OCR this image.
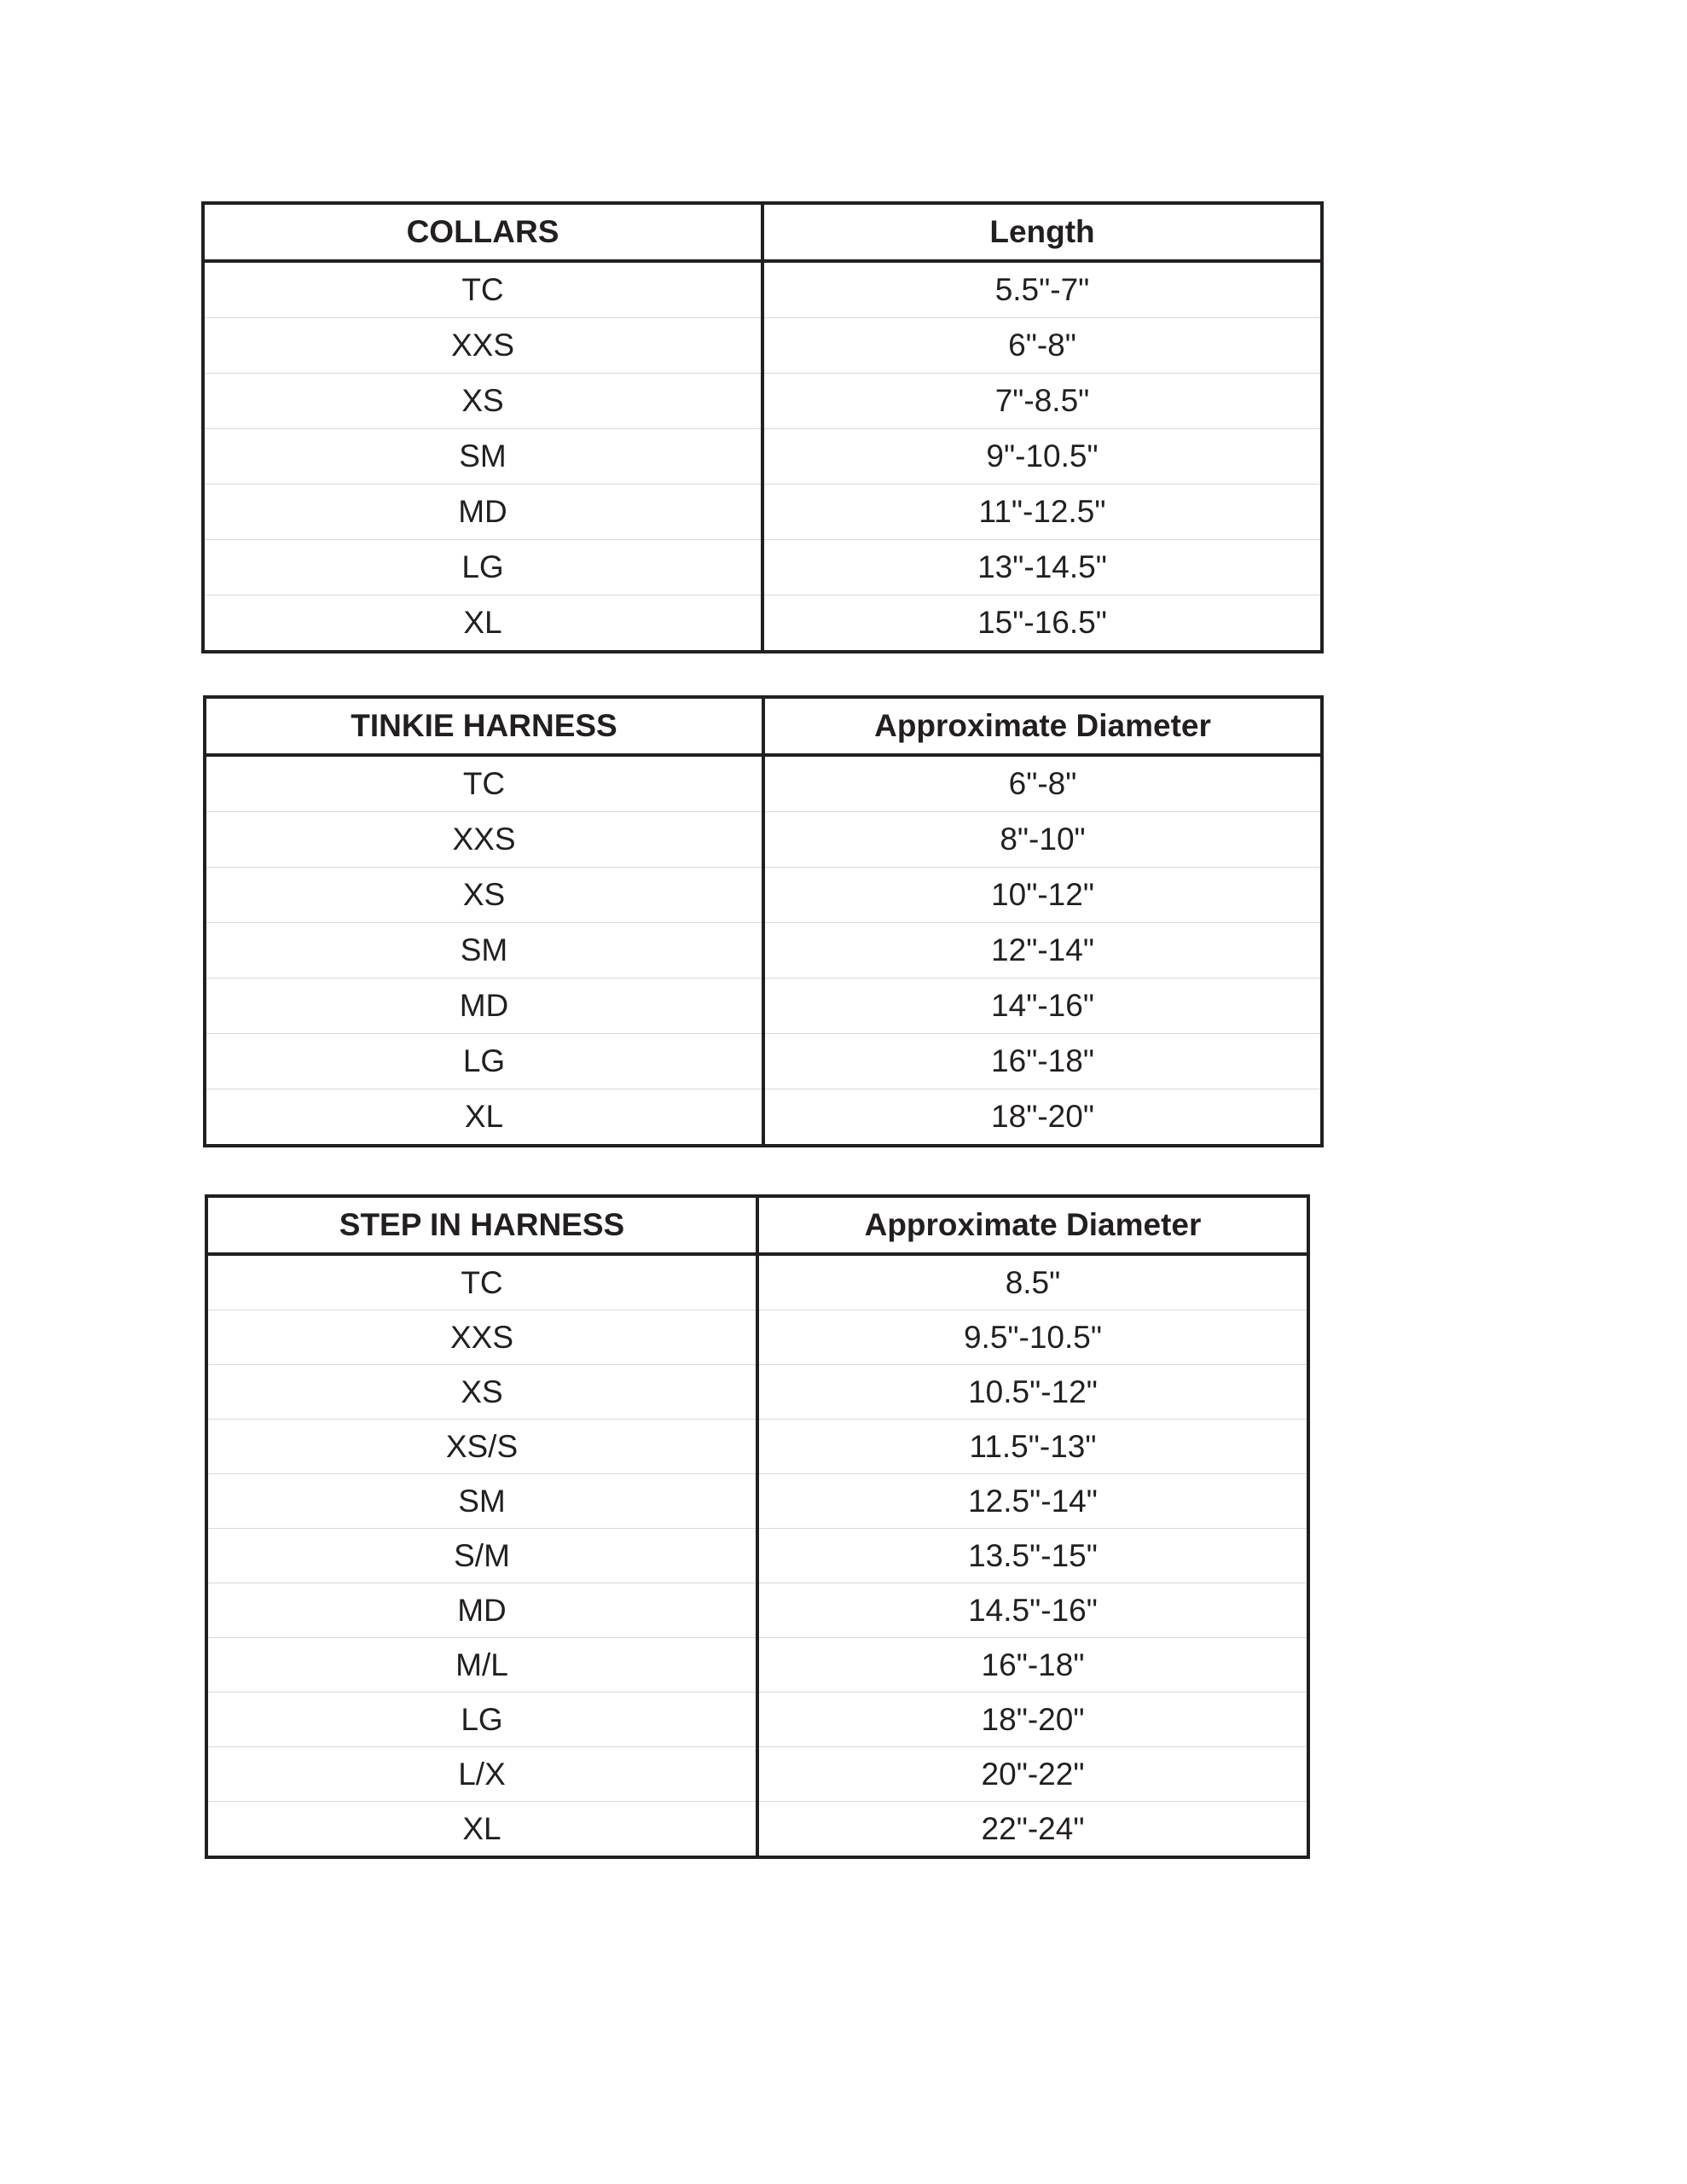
COLLARS	Length
TC	5.5"-7"
XXS	6"-8"
XS	7"-8.5"
SM	9"-10.5"
MD	11"-12.5"
LG	13"-14.5"
XL	15"-16.5"
TINKIE HARNESS	Approximate Diameter
TC	6"-8"
XXS	8"-10"
XS	10"-12"
SM	12"-14"
MD	14"-16"
LG	16"-18"
XL	18"-20"
STEP IN HARNESS	Approximate Diameter
TC	8.5"
XXS	9.5"-10.5"
XS	10.5"-12"
XS/S	11.5"-13"
SM	12.5"-14"
S/M	13.5"-15"
MD	14.5"-16"
M/L	16"-18"
LG	18"-20"
L/X	20"-22"
XL	22"-24"
